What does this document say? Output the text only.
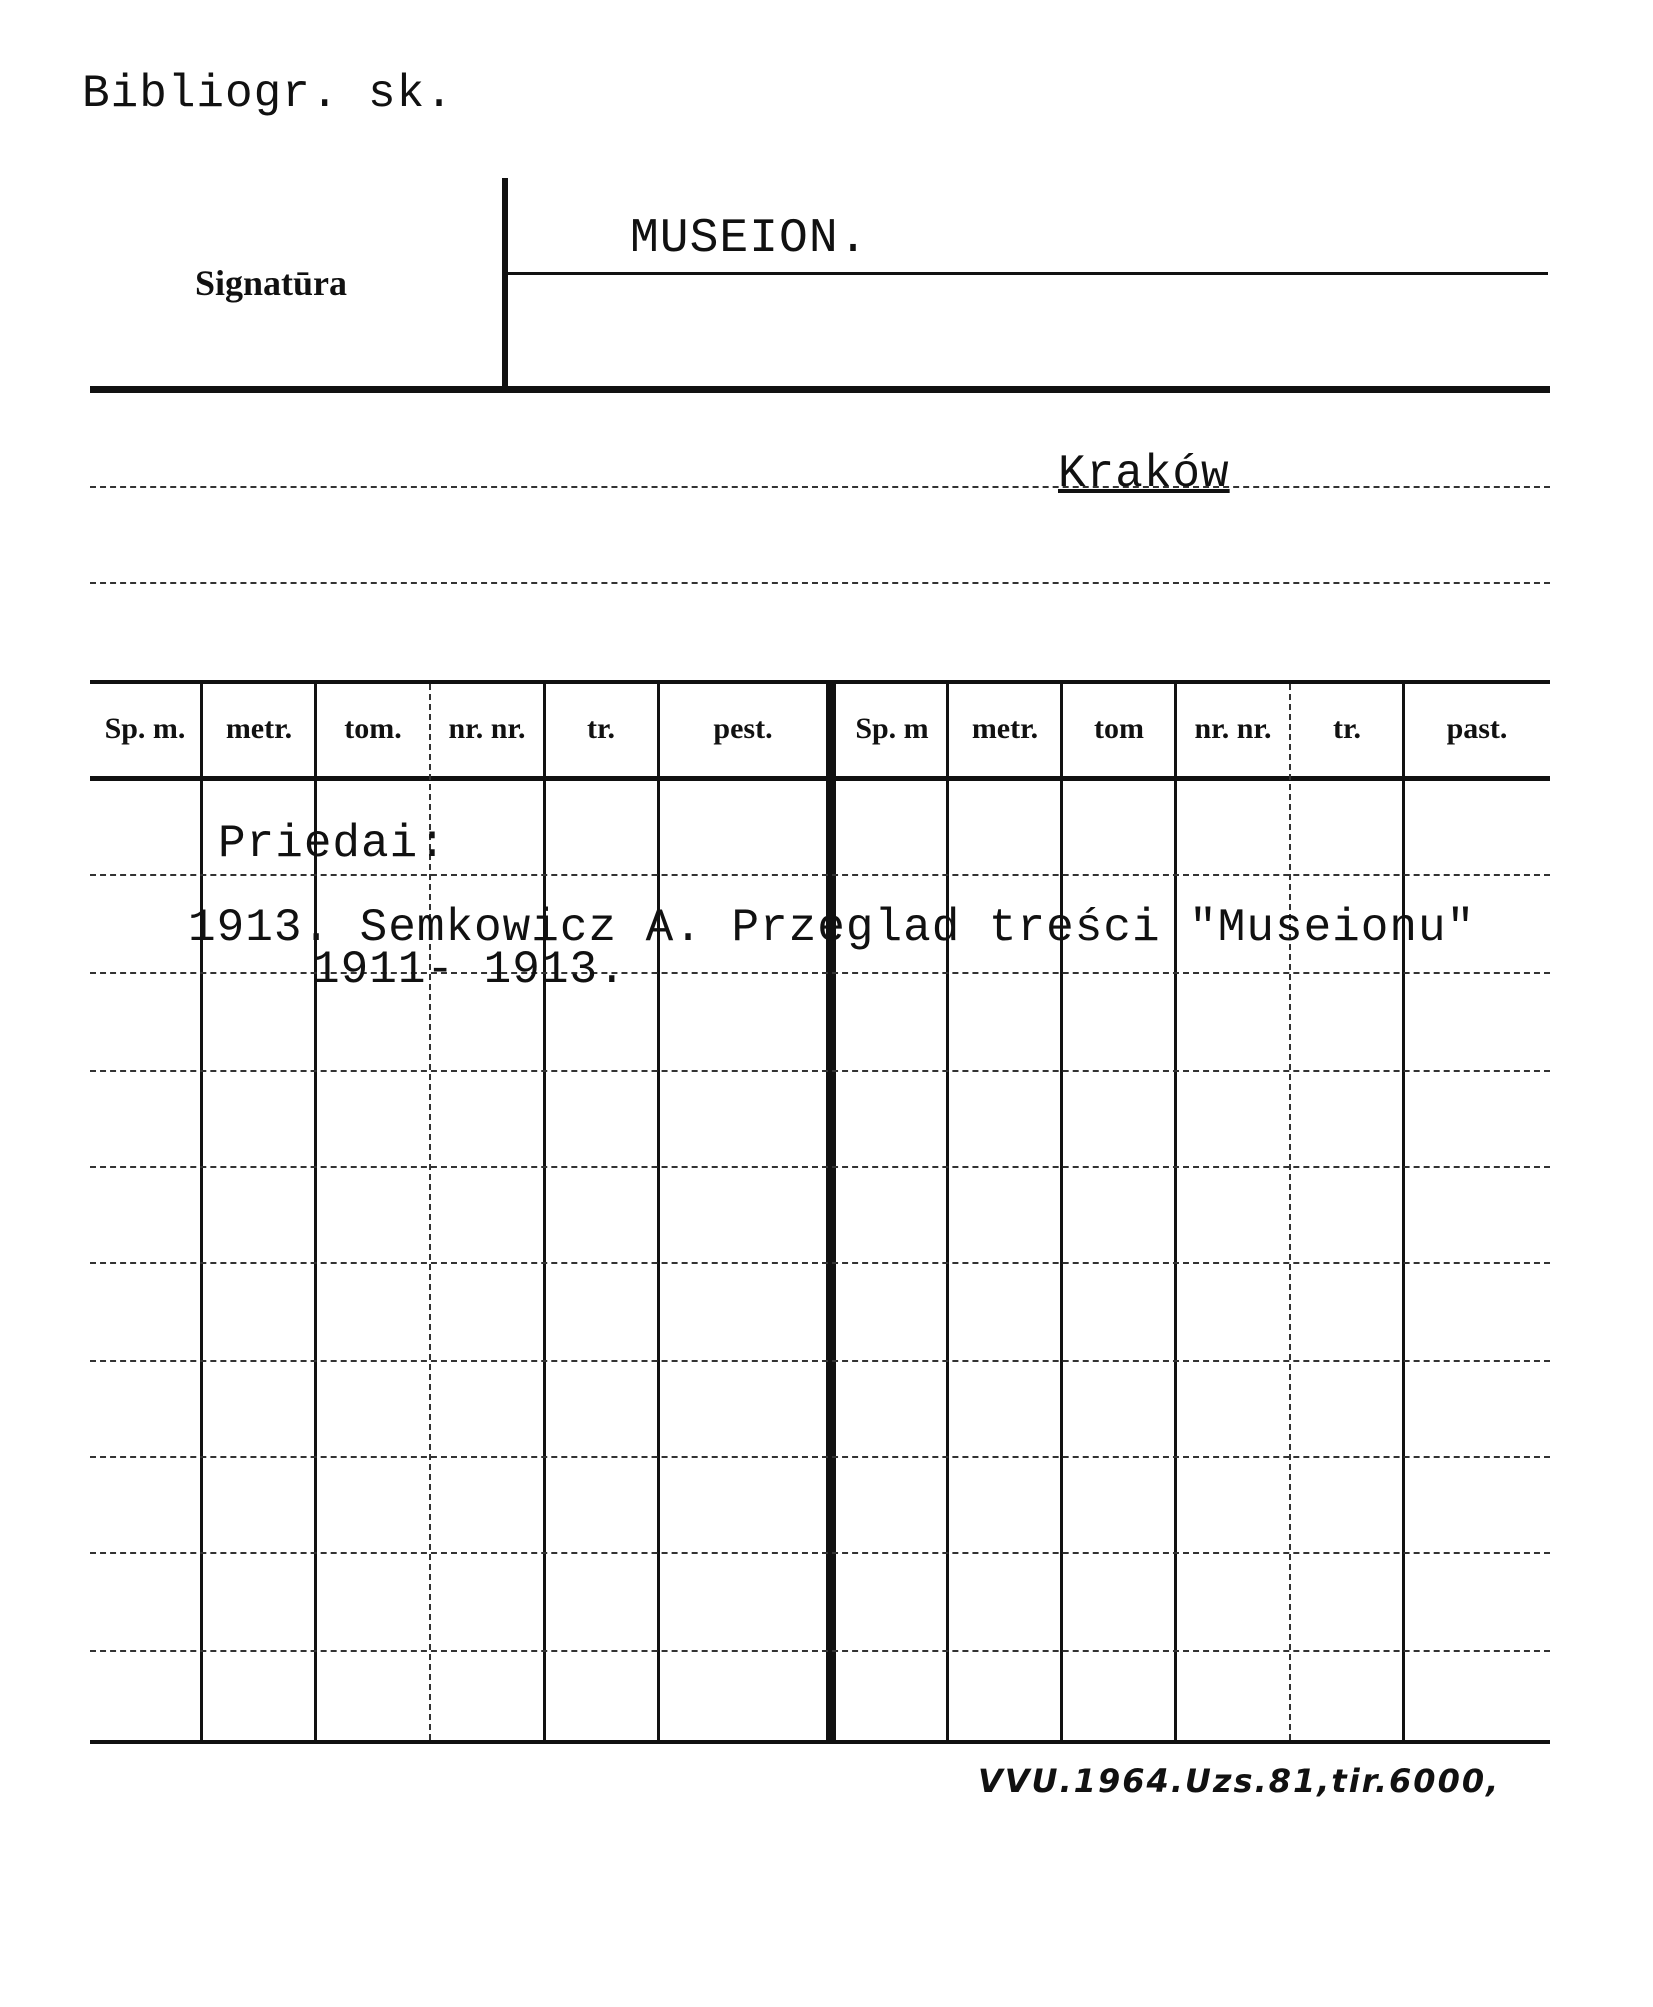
Bibliogr. sk.
Signatūra
MUSEION.
Kraków
Sp. m.	metr.	tom.	nr. nr.	tr.	pest.	Sp. m	metr.	tom	nr. nr.	tr.	past.
Priedai:
1913. Semkowicz A. Przeglad treści "Museionu"
1911- 1913.
VVU.1964.Uzs.81,tir.6000,
